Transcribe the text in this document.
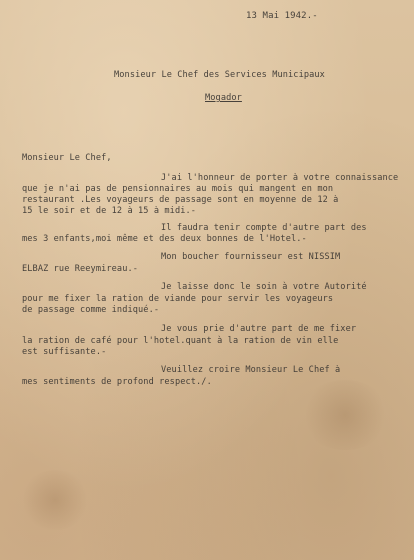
13 Mai 1942.-
Monsieur Le Chef des Services Municipaux
Mogador
Monsieur Le Chef,
J'ai l'honneur de porter à votre connaissance
que je n'ai pas de pensionnaires au mois qui mangent en mon
restaurant .Les voyageurs de passage sont en moyenne de 12 à
15 le soir et de 12 à 15 à midi.-
Il faudra tenir compte d'autre part des
mes 3 enfants,moi même et des deux bonnes de l'Hotel.-
Mon boucher fournisseur est NISSIM
ELBAZ rue Reeymireau.-
Je laisse donc le soin à votre Autorité
pour me fixer la ration de viande pour servir les voyageurs
de passage comme indiqué.-
Je vous prie d'autre part de me fixer
la ration de café pour l'hotel.quant à la ration de vin elle
est suffisante.-
Veuillez croire Monsieur Le Chef à
mes sentiments de profond respect./.
